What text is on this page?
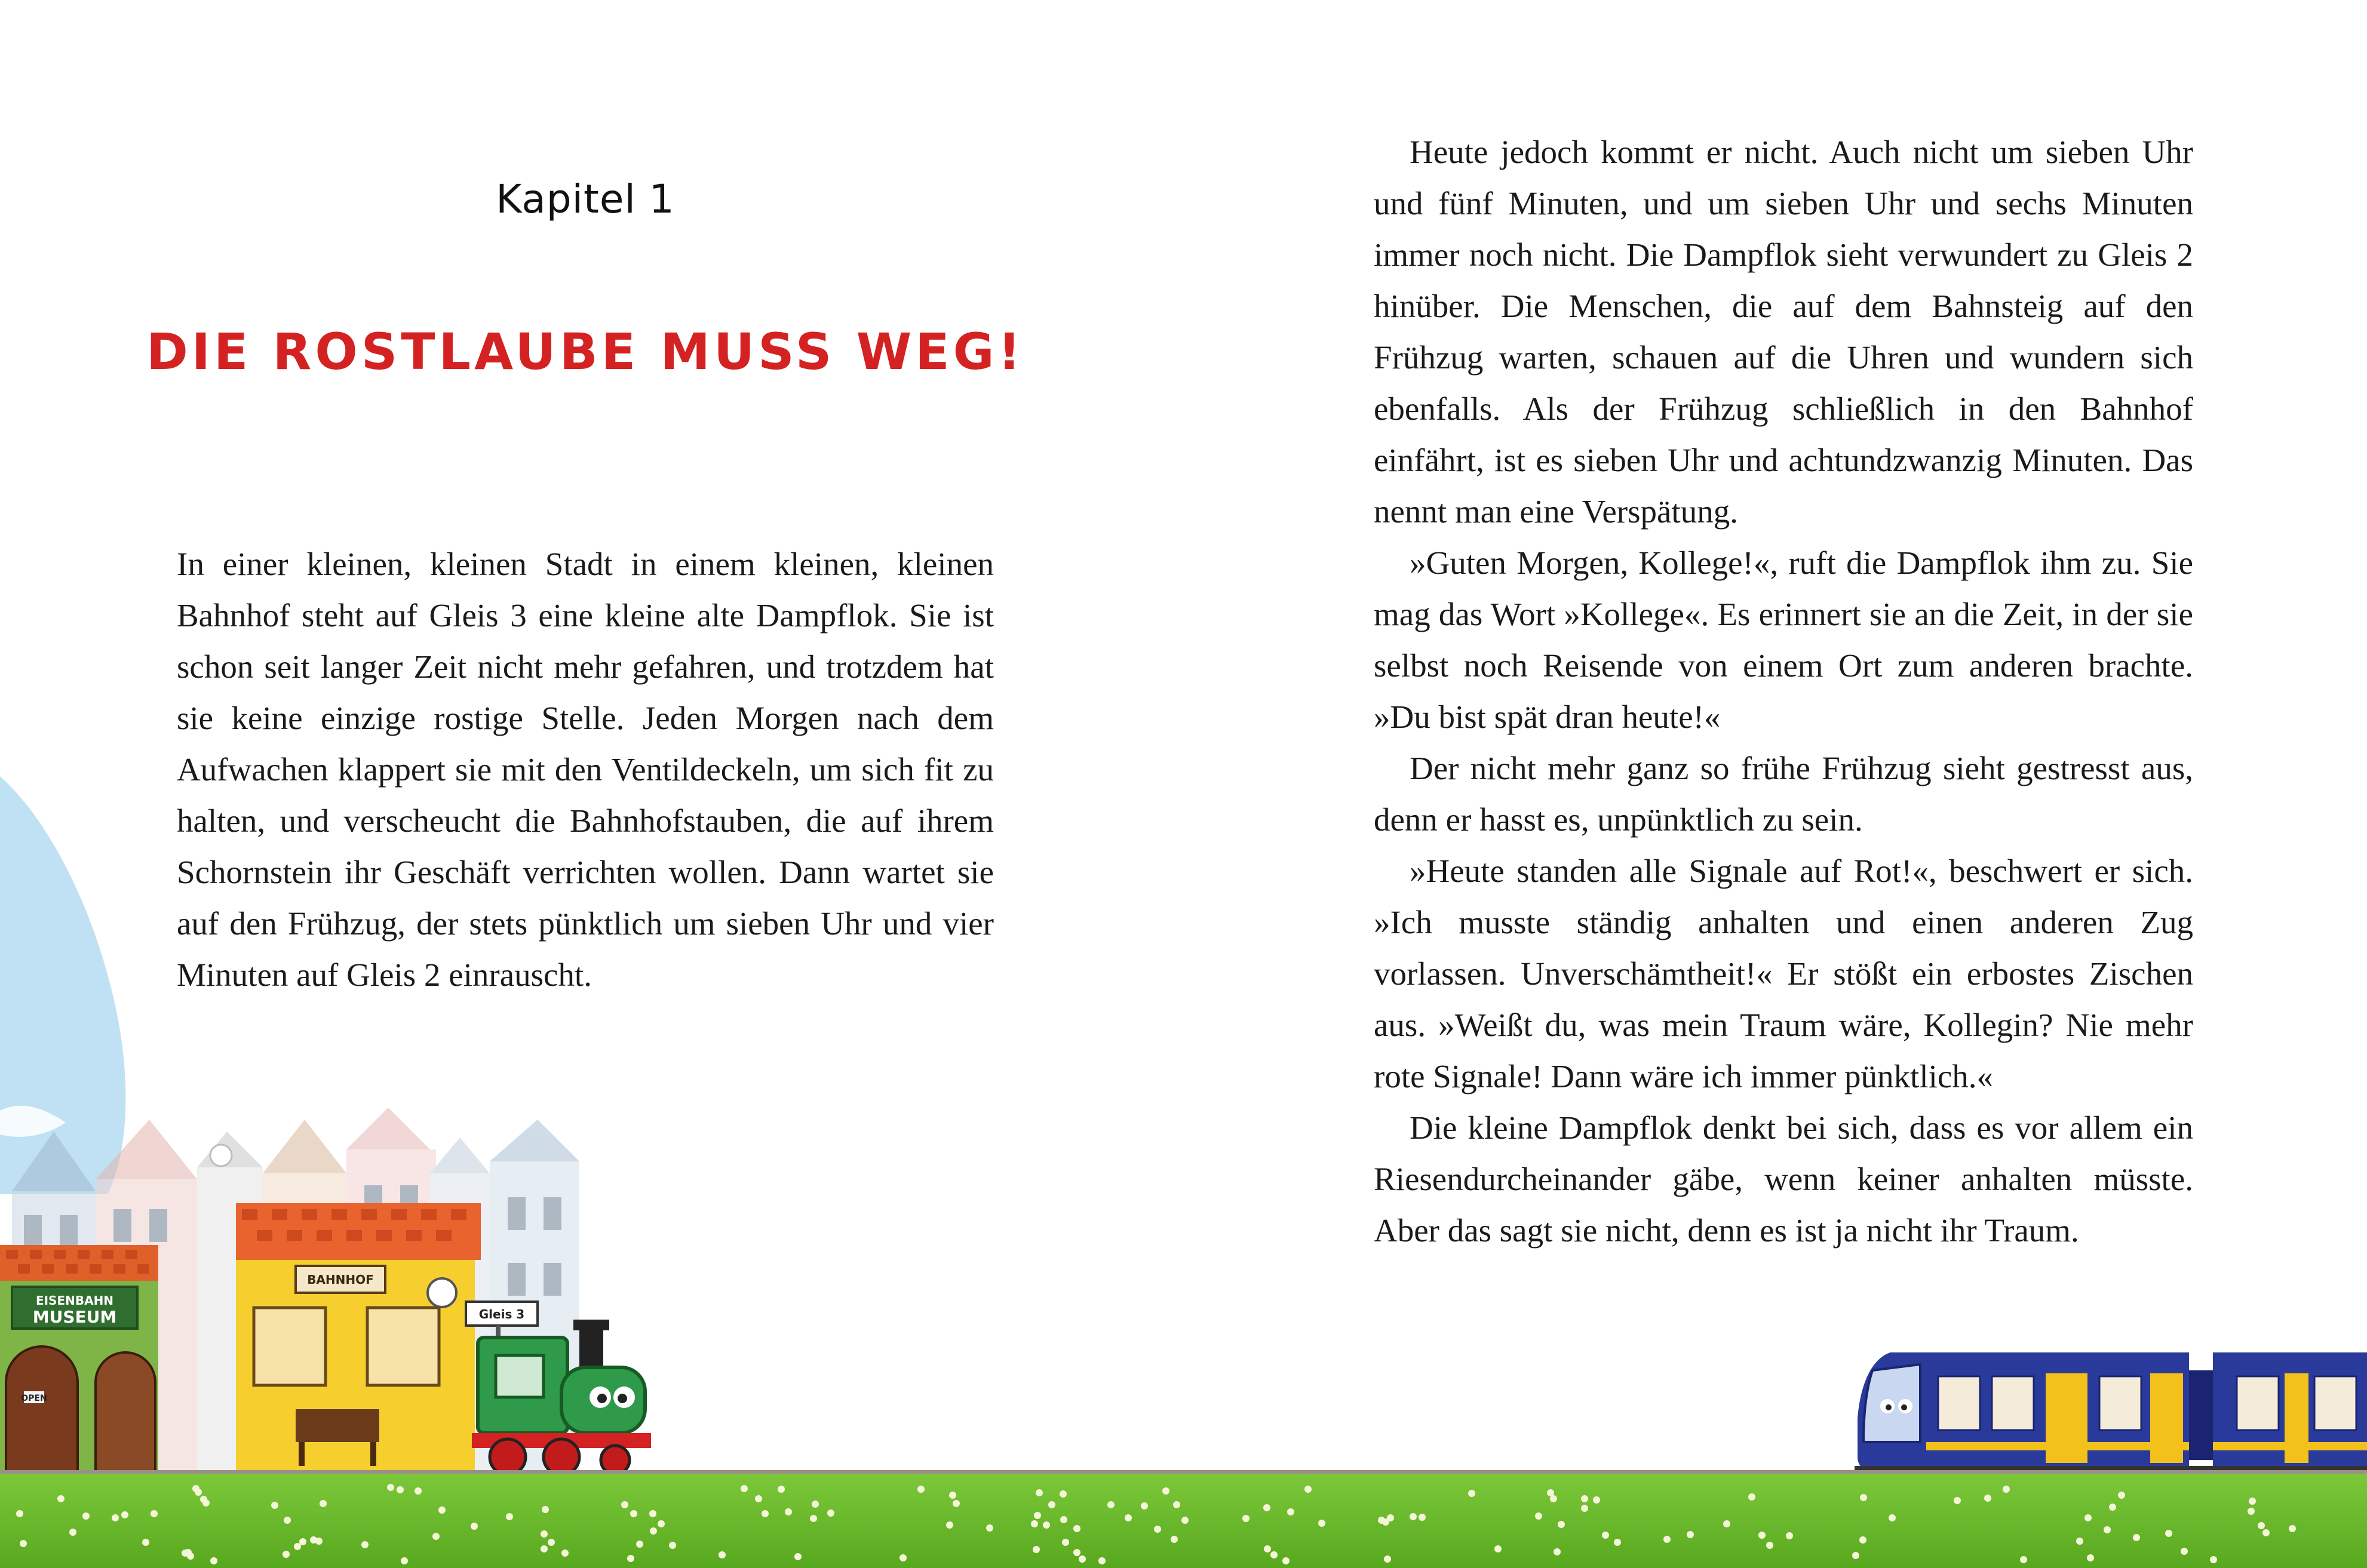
Kapitel 1
DIE ROSTLAUBE MUSS WEG!

In einer kleinen, kleinen Stadt in einem kleinen, kleinen Bahnhof steht auf Gleis 3 eine kleine alte Dampflok. Sie ist schon seit langer Zeit nicht mehr gefahren, und trotzdem hat sie keine einzige rostige Stelle. Jeden Morgen nach dem Aufwachen klappert sie mit den Ventildeckeln, um sich fit zu halten, und verscheucht die Bahnhofstauben, die auf ihrem Schornstein ihr Geschäft verrichten wollen. Dann wartet sie auf den Frühzug, der stets pünktlich um sieben Uhr und vier Minuten auf Gleis 2 einrauscht.

Heute jedoch kommt er nicht. Auch nicht um sieben Uhr und fünf Minuten, und um sieben Uhr und sechs Minuten immer noch nicht. Die Dampflok sieht verwundert zu Gleis 2 hinüber. Die Menschen, die auf dem Bahnsteig auf den Frühzug warten, schauen auf die Uhren und wundern sich ebenfalls. Als der Frühzug schließlich in den Bahnhof einfährt, ist es sieben Uhr und achtundzwanzig Minuten. Das nennt man eine Verspätung.

»Guten Morgen, Kollege!«, ruft die Dampflok ihm zu. Sie mag das Wort »Kollege«. Es erinnert sie an die Zeit, in der sie selbst noch Reisende von einem Ort zum anderen brachte. »Du bist spät dran heute!«

Der nicht mehr ganz so frühe Frühzug sieht gestresst aus, denn er hasst es, unpünktlich zu sein.

»Heute standen alle Signale auf Rot!«, beschwert er sich. »Ich musste ständig anhalten und einen anderen Zug vorlassen. Unverschämtheit!« Er stößt ein erbostes Zischen aus. »Weißt du, was mein Traum wäre, Kollegin? Nie mehr rote Signale! Dann wäre ich immer pünktlich.«

Die kleine Dampflok denkt bei sich, dass es vor allem ein Riesendurcheinander gäbe, wenn keiner anhalten müsste. Aber das sagt sie nicht, denn es ist ja nicht ihr Traum.

EISENBAHN
MUSEUM
OPEN
BAHNHOF
Gleis 3
